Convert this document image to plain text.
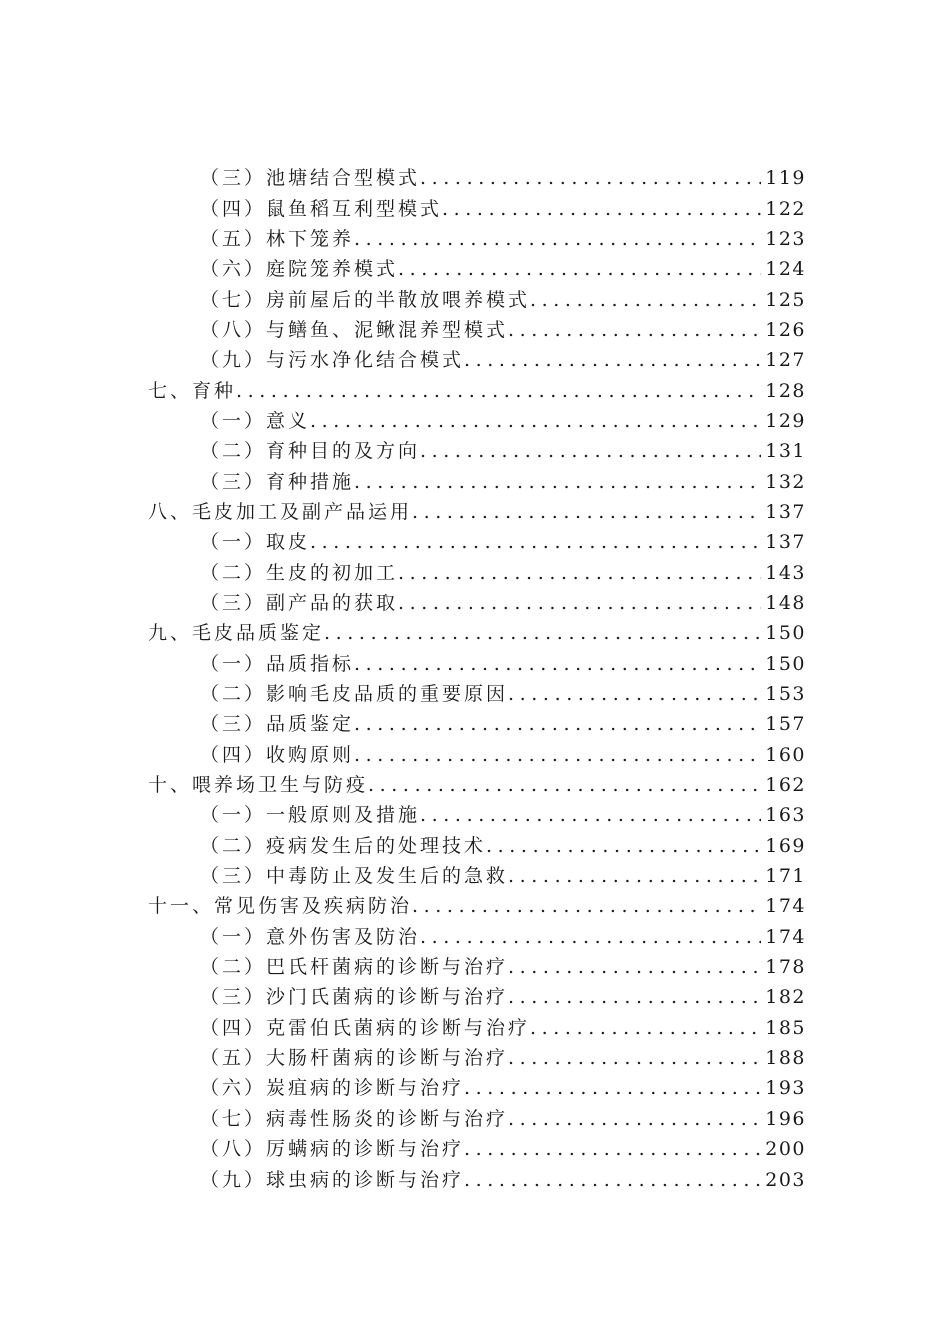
（三）池塘结合型模式 .....	119
（四）鼠鱼稻互利型模式 .....	122
（五）林下笼养 .....	123
（六）庭院笼养模式 .....	124
（七）房前屋后的半散放喂养模式 .....	125
（八）与鳝鱼、泥鳅混养型模式 .....	126
（九）与污水净化结合模式 .....	127
七、育种 .....	128
（一）意义 .....	129
（二）育种目的及方向 .....	131
（三）育种措施 .....	132
八、毛皮加工及副产品运用 .....	137
（一）取皮 .....	137
（二）生皮的初加工 .....	143
（三）副产品的获取 .....	148
九、毛皮品质鉴定 .....	150
（一）品质指标 .....	150
（二）影响毛皮品质的重要原因 .....	153
（三）品质鉴定 .....	157
（四）收购原则 .....	160
十、喂养场卫生与防疫 .....	162
（一）一般原则及措施 .....	163
（二）疫病发生后的处理技术 .....	169
（三）中毒防止及发生后的急救 .....	171
十一、常见伤害及疾病防治 .....	174
（一）意外伤害及防治 .....	174
（二）巴氏杆菌病的诊断与治疗 .....	178
（三）沙门氏菌病的诊断与治疗 .....	182
（四）克雷伯氏菌病的诊断与治疗 .....	185
（五）大肠杆菌病的诊断与治疗 .....	188
（六）炭疽病的诊断与治疗 .....	193
（七）病毒性肠炎的诊断与治疗 .....	196
（八）厉螨病的诊断与治疗 .....	200
（九）球虫病的诊断与治疗 .....	203
